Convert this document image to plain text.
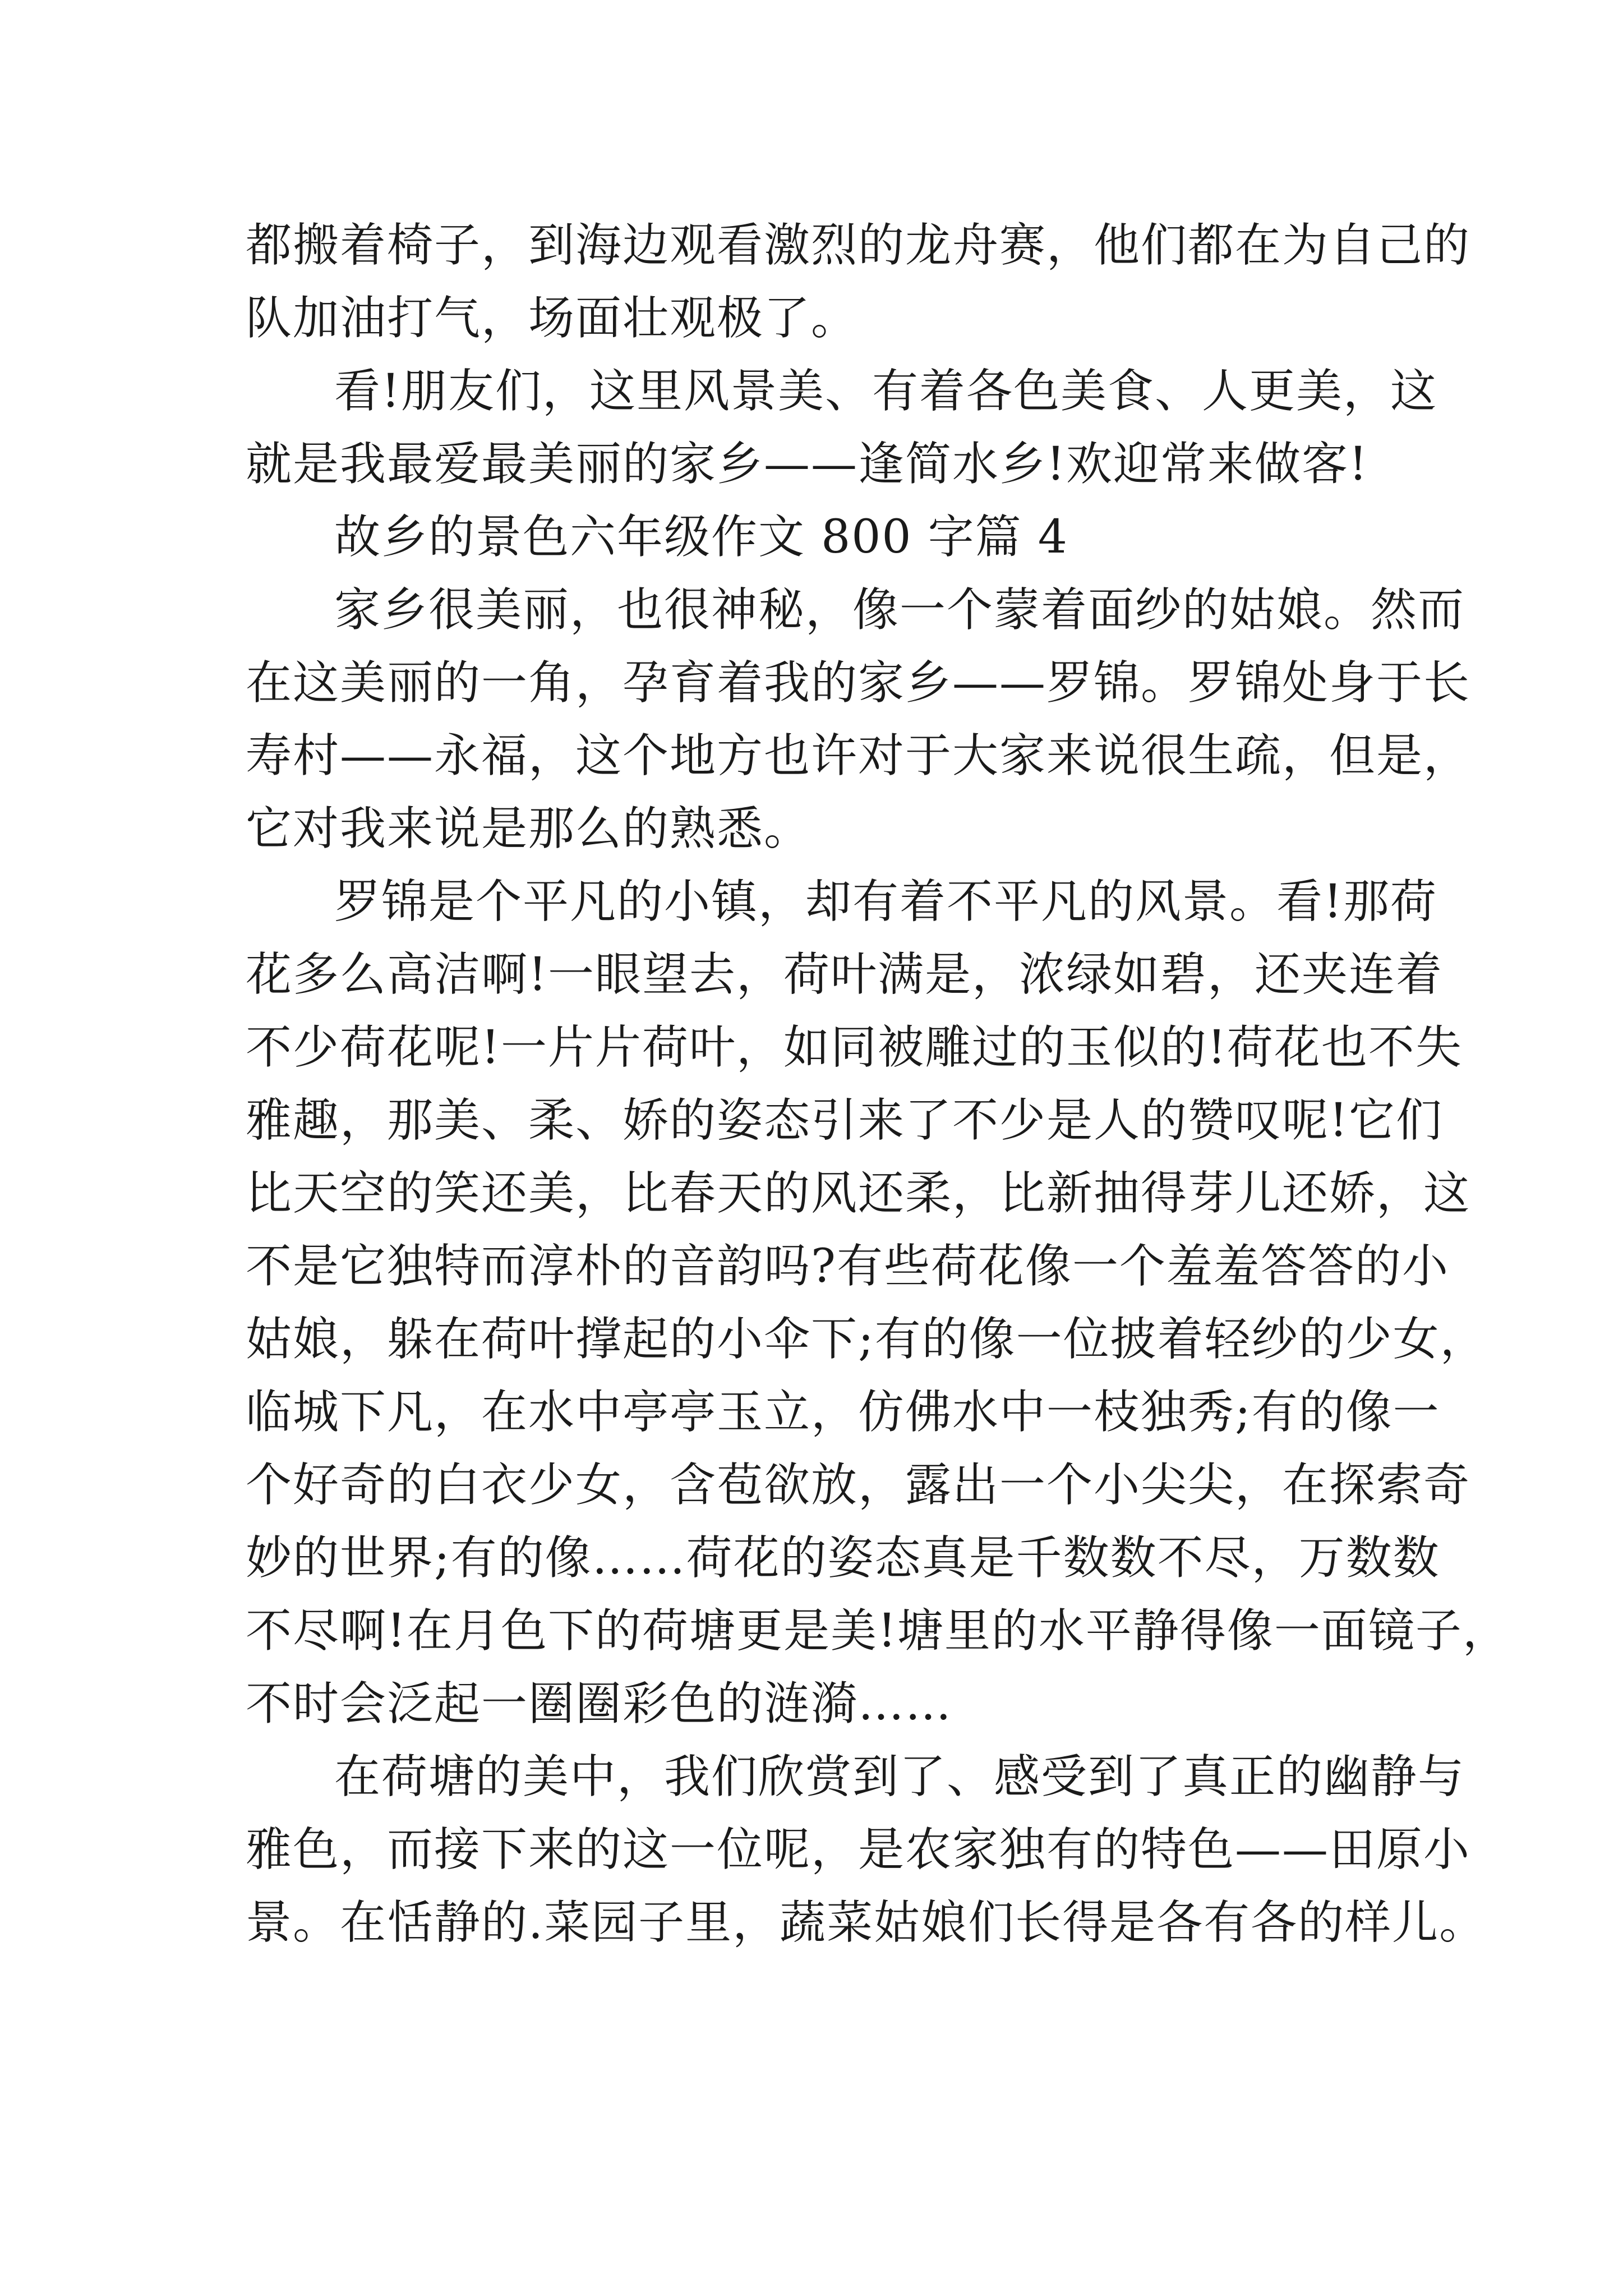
都搬着椅子，到海边观看激烈的龙舟赛，他们都在为自己的
队加油打气，场面壮观极了。
看!朋友们，这里风景美、有着各色美食、人更美，这
就是我最爱最美丽的家乡——逢简水乡!欢迎常来做客!
故乡的景色六年级作文 800 字篇 4
家乡很美丽，也很神秘，像一个蒙着面纱的姑娘。然而
在这美丽的一角，孕育着我的家乡——罗锦。罗锦处身于长
寿村——永福，这个地方也许对于大家来说很生疏，但是，
它对我来说是那么的熟悉。
罗锦是个平凡的小镇，却有着不平凡的风景。看!那荷
花多么高洁啊!一眼望去，荷叶满是，浓绿如碧，还夹连着
不少荷花呢!一片片荷叶，如同被雕过的玉似的!荷花也不失
雅趣，那美、柔、娇的姿态引来了不少是人的赞叹呢!它们
比天空的笑还美，比春天的风还柔，比新抽得芽儿还娇，这
不是它独特而淳朴的音韵吗?有些荷花像一个羞羞答答的小
姑娘，躲在荷叶撑起的小伞下;有的像一位披着轻纱的少女，
临城下凡，在水中亭亭玉立，仿佛水中一枝独秀;有的像一
个好奇的白衣少女，含苞欲放，露出一个小尖尖，在探索奇
妙的世界;有的像……荷花的姿态真是千数数不尽，万数数
不尽啊!在月色下的荷塘更是美!塘里的水平静得像一面镜子，
不时会泛起一圈圈彩色的涟漪……
在荷塘的美中，我们欣赏到了、感受到了真正的幽静与
雅色，而接下来的这一位呢，是农家独有的特色——田原小
景。在恬静的.菜园子里，蔬菜姑娘们长得是各有各的样儿。
